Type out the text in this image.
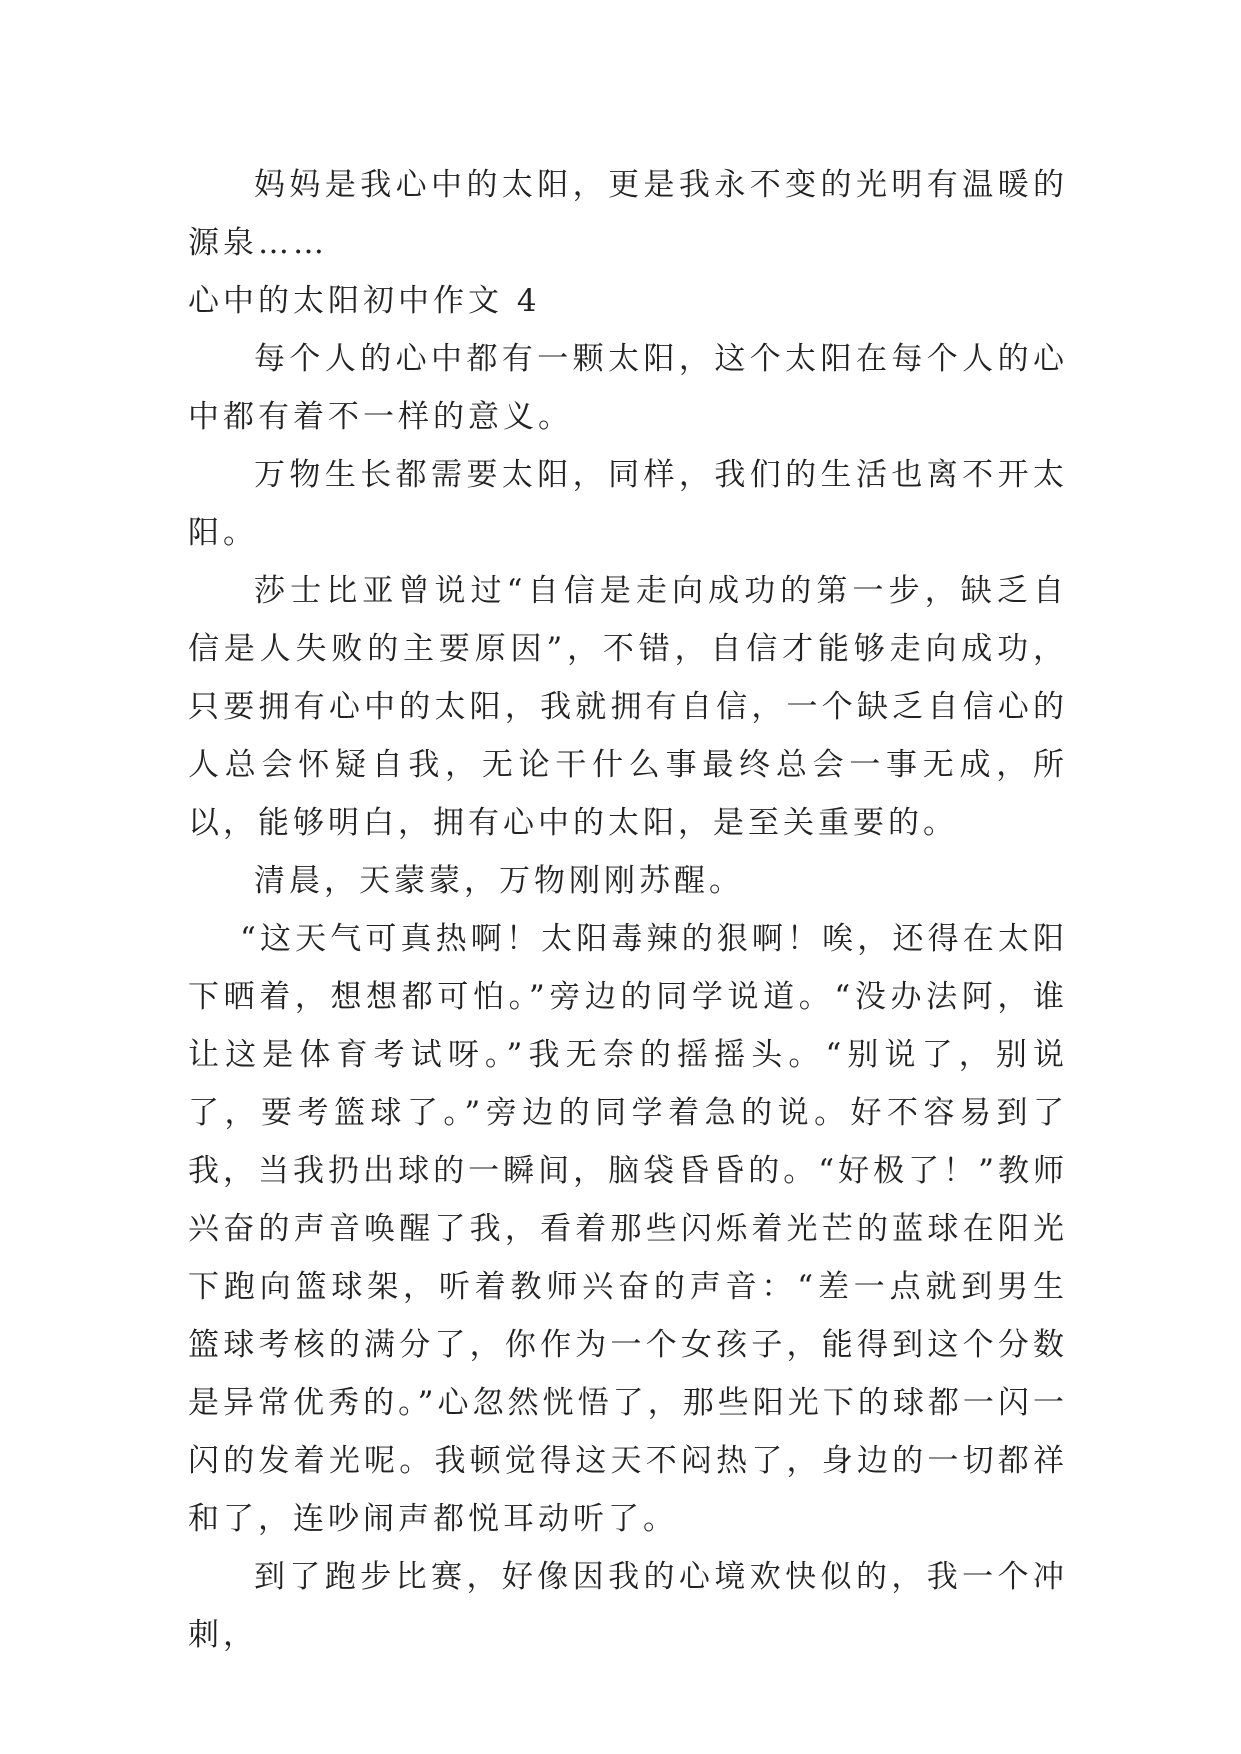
妈妈是我心中的太阳，更是我永不变的光明有温暖的源泉……

心中的太阳初中作文 4

每个人的心中都有一颗太阳，这个太阳在每个人的心中都有着不一样的意义。

万物生长都需要太阳，同样，我们的生活也离不开太阳。

莎士比亚曾说过“自信是走向成功的第一步，缺乏自信是人失败的主要原因”，不错，自信才能够走向成功，只要拥有心中的太阳，我就拥有自信，一个缺乏自信心的人总会怀疑自我，无论干什么事最终总会一事无成，所以，能够明白，拥有心中的太阳，是至关重要的。

清晨，天蒙蒙，万物刚刚苏醒。

“这天气可真热啊！太阳毒辣的狠啊！唉，还得在太阳下晒着，想想都可怕。”旁边的同学说道。“没办法阿，谁让这是体育考试呀。”我无奈的摇摇头。“别说了，别说了，要考篮球了。”旁边的同学着急的说。好不容易到了我，当我扔出球的一瞬间，脑袋昏昏的。“好极了！”教师兴奋的声音唤醒了我，看着那些闪烁着光芒的蓝球在阳光下跑向篮球架，听着教师兴奋的声音：“差一点就到男生篮球考核的满分了，你作为一个女孩子，能得到这个分数是异常优秀的。”心忽然恍悟了，那些阳光下的球都一闪一闪的发着光呢。我顿觉得这天不闷热了，身边的一切都祥和了，连吵闹声都悦耳动听了。

到了跑步比赛，好像因我的心境欢快似的，我一个冲刺，
